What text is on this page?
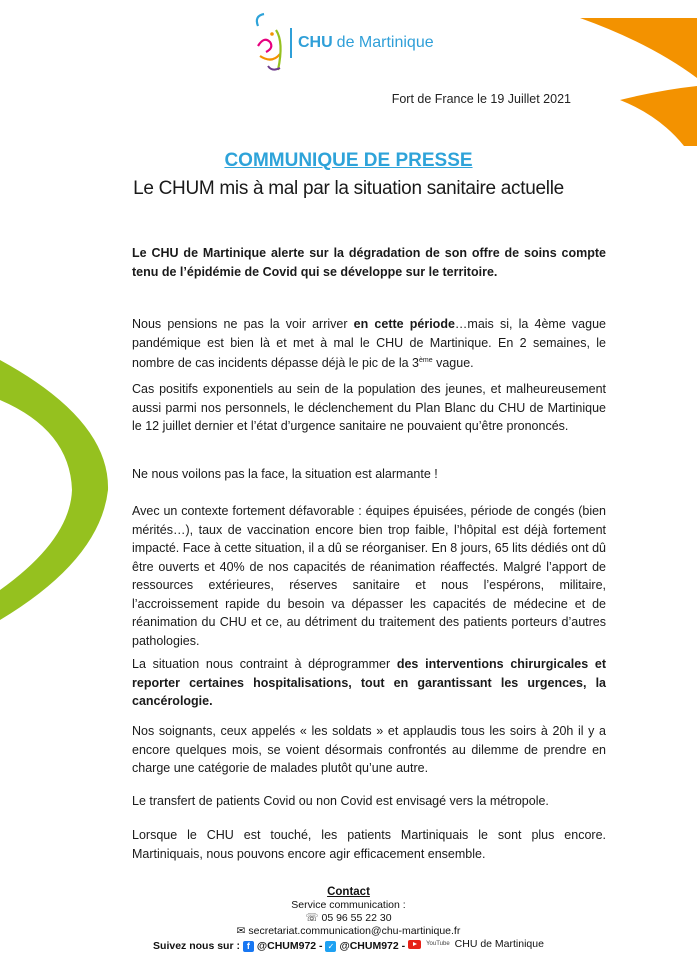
CHU de Martinique
Fort de France le 19 Juillet 2021
COMMUNIQUE DE PRESSE
Le CHUM mis à mal par la situation sanitaire actuelle

Le CHU de Martinique alerte sur la dégradation de son offre de soins compte tenu de l’épidémie de Covid qui se développe sur le territoire.

Nous pensions ne pas la voir arriver en cette période…mais si, la 4ème vague pandémique est bien là et met à mal le CHU de Martinique. En 2 semaines, le nombre de cas incidents dépasse déjà le pic de la 3ème vague.

Cas positifs exponentiels au sein de la population des jeunes, et malheureusement aussi parmi nos personnels, le déclenchement du Plan Blanc du CHU de Martinique le 12 juillet dernier et l’état d’urgence sanitaire ne pouvaient qu’être prononcés.

Ne nous voilons pas la face, la situation est alarmante !

Avec un contexte fortement défavorable : équipes épuisées, période de congés (bien mérités…), taux de vaccination encore bien trop faible, l’hôpital est déjà fortement impacté. Face à cette situation, il a dû se réorganiser. En 8 jours, 65 lits dédiés ont dû être ouverts et 40% de nos capacités de réanimation réaffectés. Malgré l’apport de ressources extérieures, réserves sanitaire et nous l’espérons, militaire, l’accroissement rapide du besoin va dépasser les capacités de médecine et de réanimation du CHU et ce, au détriment du traitement des patients porteurs d’autres pathologies.

La situation nous contraint à déprogrammer des interventions chirurgicales et reporter certaines hospitalisations, tout en garantissant les urgences, la cancérologie.

Nos soignants, ceux appelés « les soldats » et applaudis tous les soirs à 20h il y a encore quelques mois, se voient désormais confrontés au dilemme de prendre en charge une catégorie de malades plutôt qu’une autre.

Le transfert de patients Covid ou non Covid est envisagé vers la métropole.

Lorsque le CHU est touché, les patients Martiniquais le sont plus encore. Martiniquais, nous pouvons encore agir efficacement ensemble.

Contact
Service communication :
☏ 05 96 55 22 30
✉ secretariat.communication@chu-martinique.fr
Suivez nous sur : f @CHUM972 -
✓ @CHUM972 -
	YouTube CHU de Martinique
